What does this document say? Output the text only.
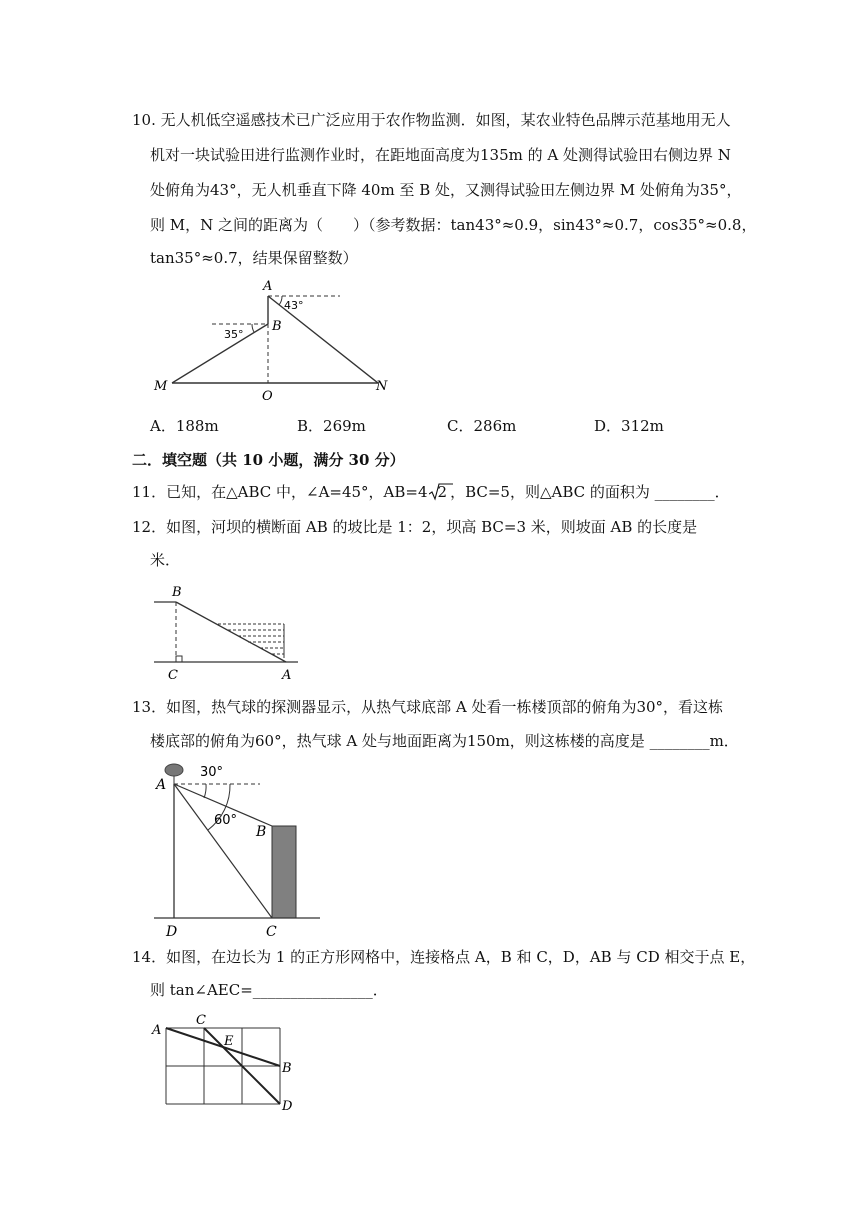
10. 无人机低空遥感技术已广泛应用于农作物监测．如图，某农业特色品牌示范基地用无人
机对一块试验田进行监测作业时，在距地面高度为135m 的 A 处测得试验田右侧边界 N
处俯角为43°，无人机垂直下降 40m 至 B 处，又测得试验田左侧边界 M 处俯角为35°，
则 M，N 之间的距离为（　　）（参考数据：tan43°≈0.9，sin43°≈0.7，cos35°≈0.8，
tan35°≈0.7，结果保留整数）
A
B
M	N
O
43°
35°
A．188m	B．269m	C．286m	D．312m
二．填空题（共 10 小题，满分 30 分）
11．已知，在△ABC 中，∠A=45°，AB=4 2 ，BC=5，则△ABC 的面积为 ________．
12．如图，河坝的横断面 AB 的坡比是 1：2，坝高 BC=3 米，则坡面 AB 的长度是
米．
B
C	A
13．如图，热气球的探测器显示，从热气球底部 A 处看一栋楼顶部的俯角为30°，看这栋
楼底部的俯角为60°，热气球 A 处与地面距离为150m，则这栋楼的高度是 ________m．
30°
60°
A
B
C
D
14．如图，在边长为 1 的正方形网格中，连接格点 A，B 和 C，D，AB 与 CD 相交于点 E，
则 tan∠AEC=________________．
A
C
E
B
D
